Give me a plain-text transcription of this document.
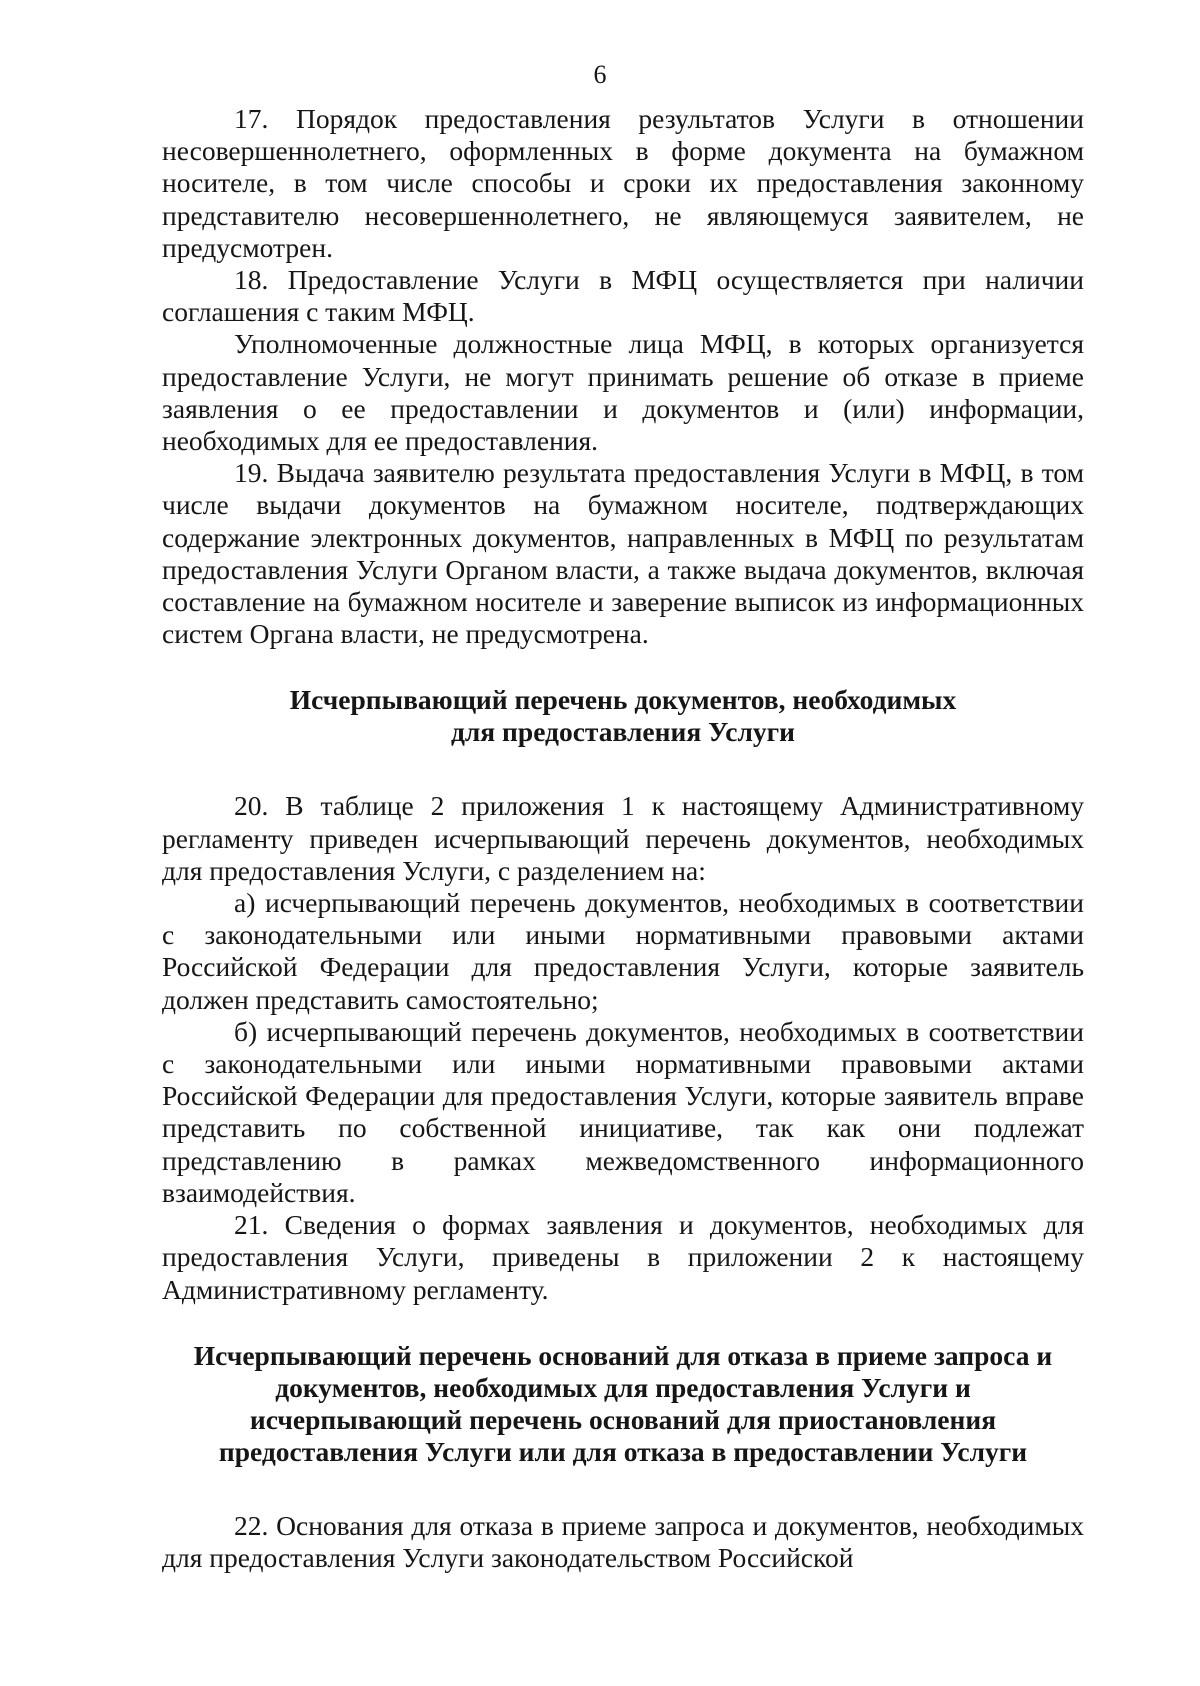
6

17. Порядок предоставления результатов Услуги в отношении несовершеннолетнего, оформленных в форме документа на бумажном носителе, в том числе способы и сроки их предоставления законному представителю несовершеннолетнего, не являющемуся заявителем, не предусмотрен.

18. Предоставление Услуги в МФЦ осуществляется при наличии соглашения с таким МФЦ.

Уполномоченные должностные лица МФЦ, в которых организуется предоставление Услуги, не могут принимать решение об отказе в приеме заявления о ее предоставлении и документов и (или) информации, необходимых для ее предоставления.

19. Выдача заявителю результата предоставления Услуги в МФЦ, в том числе выдачи документов на бумажном носителе, подтверждающих содержание электронных документов, направленных в МФЦ по результатам предоставления Услуги Органом власти, а также выдача документов, включая составление на бумажном носителе и заверение выписок из информационных систем Органа власти, не предусмотрена.

Исчерпывающий перечень документов, необходимых
для предоставления Услуги

20. В таблице 2 приложения 1 к настоящему Административному регламенту приведен исчерпывающий перечень документов, необходимых для предоставления Услуги, с разделением на:

а) исчерпывающий перечень документов, необходимых в соответствии с законодательными или иными нормативными правовыми актами Российской Федерации для предоставления Услуги, которые заявитель должен представить самостоятельно;

б) исчерпывающий перечень документов, необходимых в соответствии с законодательными или иными нормативными правовыми актами Российской Федерации для предоставления Услуги, которые заявитель вправе представить по собственной инициативе, так как они подлежат представлению в рамках межведомственного информационного взаимодействия.

21. Сведения о формах заявления и документов, необходимых для предоставления Услуги, приведены в приложении 2 к настоящему Административному регламенту.

Исчерпывающий перечень оснований для отказа в приеме запроса и
документов, необходимых для предоставления Услуги и
исчерпывающий перечень оснований для приостановления
предоставления Услуги или для отказа в предоставлении Услуги

22. Основания для отказа в приеме запроса и документов, необходимых для предоставления Услуги законодательством Российской
